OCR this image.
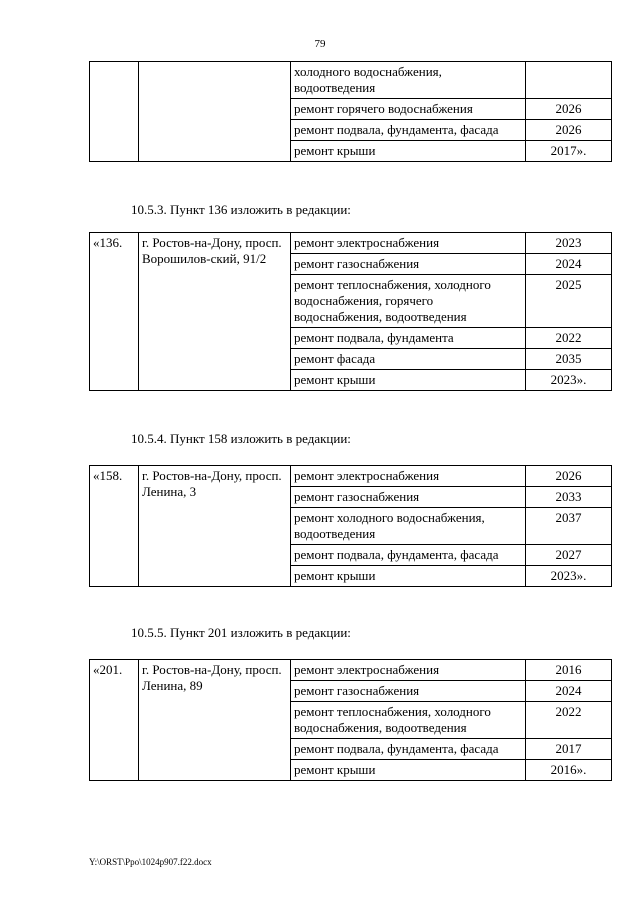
79
		холодного водоснабжения, водоотведения	
		ремонт горячего водоснабжения	2026
		ремонт подвала, фундамента, фасада	2026
		ремонт крыши	2017».
10.5.3. Пункт 136 изложить в редакции:
«136.	г. Ростов-на-Дону, просп. Ворошилов-ский, 91/2	ремонт электроснабжения	2023
		ремонт газоснабжения	2024
		ремонт теплоснабжения, холодного водоснабжения, горячего водоснабжения, водоотведения	2025
		ремонт подвала, фундамента	2022
		ремонт фасада	2035
		ремонт крыши	2023».
10.5.4. Пункт 158 изложить в редакции:
«158.	г. Ростов-на-Дону, просп. Ленина, 3	ремонт электроснабжения	2026
		ремонт газоснабжения	2033
		ремонт холодного водоснабжения, водоотведения	2037
		ремонт подвала, фундамента, фасада	2027
		ремонт крыши	2023».
10.5.5. Пункт 201 изложить в редакции:
«201.	г. Ростов-на-Дону, просп. Ленина, 89	ремонт электроснабжения	2016
		ремонт газоснабжения	2024
		ремонт теплоснабжения, холодного водоснабжения, водоотведения	2022
		ремонт подвала, фундамента, фасада	2017
		ремонт крыши	2016».
Y:\ORST\Ppo\1024p907.f22.docx
